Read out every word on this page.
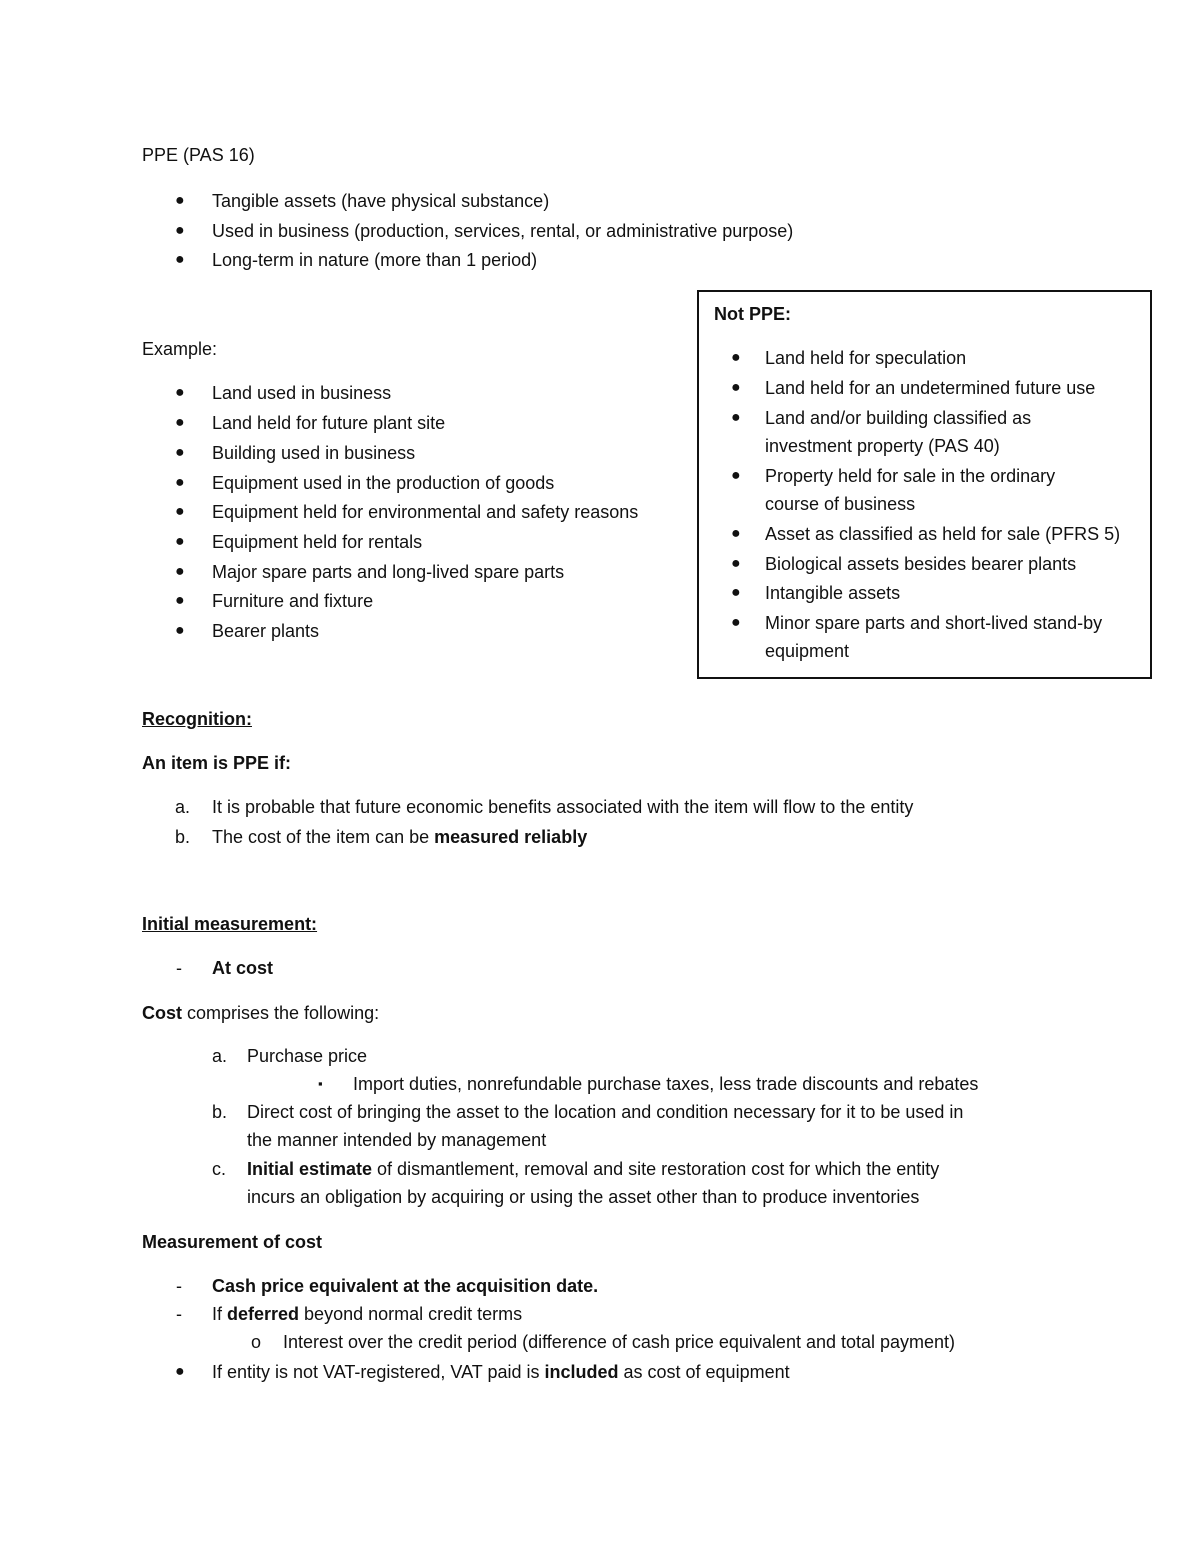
PPE (PAS 16)
● Tangible assets (have physical substance)
● Used in business (production, services, rental, or administrative purpose)
● Long-term in nature (more than 1 period)
Example:
● Land used in business
● Land held for future plant site
● Building used in business
● Equipment used in the production of goods
● Equipment held for environmental and safety reasons
● Equipment held for rentals
● Major spare parts and long-lived spare parts
● Furniture and fixture
● Bearer plants
Not PPE:
● Land held for speculation
● Land held for an undetermined future use
● Land and/or building classified as
investment property (PAS 40)
● Property held for sale in the ordinary
course of business
● Asset as classified as held for sale (PFRS 5)
● Biological assets besides bearer plants
● Intangible assets
● Minor spare parts and short-lived stand-by
equipment
Recognition:
An item is PPE if:
a. It is probable that future economic benefits associated with the item will flow to the entity
b. The cost of the item can be measured reliably
Initial measurement:
- At cost
Cost comprises the following:
a. Purchase price
▪ Import duties, nonrefundable purchase taxes, less trade discounts and rebates
b. Direct cost of bringing the asset to the location and condition necessary for it to be used in
the manner intended by management
c. Initial estimate of dismantlement, removal and site restoration cost for which the entity
incurs an obligation by acquiring or using the asset other than to produce inventories
Measurement of cost
- Cash price equivalent at the acquisition date.
- If deferred beyond normal credit terms
o Interest over the credit period (difference of cash price equivalent and total payment)
● If entity is not VAT-registered, VAT paid is included as cost of equipment
